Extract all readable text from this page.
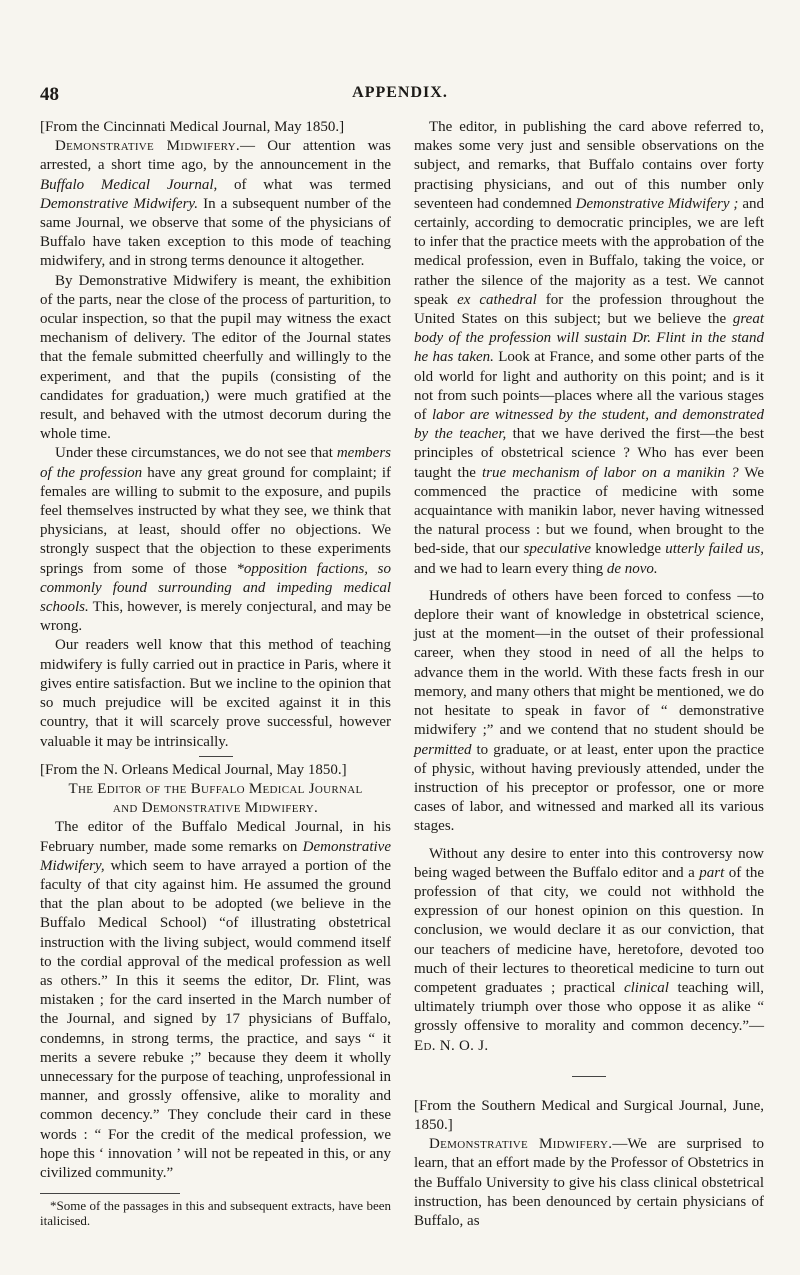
48	APPENDIX.

[From the Cincinnati Medical Journal, May 1850.]

Demonstrative Midwifery.— Our attention was arrested, a short time ago, by the announcement in the Buffalo Medical Journal, of what was termed Demonstrative Midwifery. In a subsequent number of the same Journal, we observe that some of the physicians of Buffalo have taken exception to this mode of teaching midwifery, and in strong terms denounce it altogether.

By Demonstrative Midwifery is meant, the exhibition of the parts, near the close of the process of parturition, to ocular inspection, so that the pupil may witness the exact mechanism of delivery. The editor of the Journal states that the female submitted cheerfully and willingly to the experiment, and that the pupils (consisting of the candidates for graduation,) were much gratified at the result, and behaved with the utmost decorum during the whole time.

Under these circumstances, we do not see that members of the profession have any great ground for complaint; if females are willing to submit to the exposure, and pupils feel themselves instructed by what they see, we think that physicians, at least, should offer no objections. We strongly suspect that the objection to these experiments springs from some of those *opposition factions, so commonly found surrounding and impeding medical schools. This, however, is merely conjectural, and may be wrong.

Our readers well know that this method of teaching midwifery is fully carried out in practice in Paris, where it gives entire satisfaction. But we incline to the opinion that so much prejudice will be excited against it in this country, that it will scarcely prove successful, however valuable it may be intrinsically.

[From the N. Orleans Medical Journal, May 1850.]

The Editor of the Buffalo Medical Journal

and Demonstrative Midwifery.

The editor of the Buffalo Medical Journal, in his February number, made some remarks on Demonstrative Midwifery, which seem to have arrayed a portion of the faculty of that city against him. He assumed the ground that the plan about to be adopted (we believe in the Buffalo Medical School) “of illustrating obstetrical instruction with the living subject, would commend itself to the cordial approval of the medical profession as well as others.” In this it seems the editor, Dr. Flint, was mistaken ; for the card inserted in the March number of the Journal, and signed by 17 physicians of Buffalo, condemns, in strong terms, the practice, and says “ it merits a severe rebuke ;” because they deem it wholly unnecessary for the purpose of teaching, unprofessional in manner, and grossly offensive, alike to morality and common decency.” They conclude their card in these words : “ For the credit of the medical profession, we hope this ‘ innovation ’ will not be repeated in this, or any civilized community.”

*Some of the passages in this and subsequent extracts, have been italicised.

The editor, in publishing the card above referred to, makes some very just and sensible observations on the subject, and remarks, that Buffalo contains over forty practising physicians, and out of this number only seventeen had condemned Demonstrative Midwifery ; and certainly, according to democratic principles, we are left to infer that the practice meets with the approbation of the medical profession, even in Buffalo, taking the voice, or rather the silence of the majority as a test. We cannot speak ex cathedral for the profession throughout the United States on this subject; but we believe the great body of the profession will sustain Dr. Flint in the stand he has taken. Look at France, and some other parts of the old world for light and authority on this point; and is it not from such points—places where all the various stages of labor are witnessed by the student, and demonstrated by the teacher, that we have derived the first—the best principles of obstetrical science ? Who has ever been taught the true mechanism of labor on a manikin ? We commenced the practice of medicine with some acquaintance with manikin labor, never having witnessed the natural process : but we found, when brought to the bed-side, that our speculative knowledge utterly failed us, and we had to learn every thing de novo.

Hundreds of others have been forced to confess —to deplore their want of knowledge in obstetrical science, just at the moment—in the outset of their professional career, when they stood in need of all the helps to advance them in the world. With these facts fresh in our memory, and many others that might be mentioned, we do not hesitate to speak in favor of “ demonstrative midwifery ;” and we contend that no student should be permitted to graduate, or at least, enter upon the practice of physic, without having previously attended, under the instruction of his preceptor or professor, one or more cases of labor, and witnessed and marked all its various stages.

Without any desire to enter into this controversy now being waged between the Buffalo editor and a part of the profession of that city, we could not withhold the expression of our honest opinion on this question. In conclusion, we would declare it as our conviction, that our teachers of medicine have, heretofore, devoted too much of their lectures to theoretical medicine to turn out competent graduates ; practical clinical teaching will, ultimately triumph over those who oppose it as alike “ grossly offensive to morality and common decency.”—Ed. N. O. J.

[From the Southern Medical and Surgical Journal, June, 1850.]

Demonstrative Midwifery.—We are surprised to learn, that an effort made by the Professor of Obstetrics in the Buffalo University to give his class clinical obstetrical instruction, has been denounced by certain physicians of Buffalo, as
